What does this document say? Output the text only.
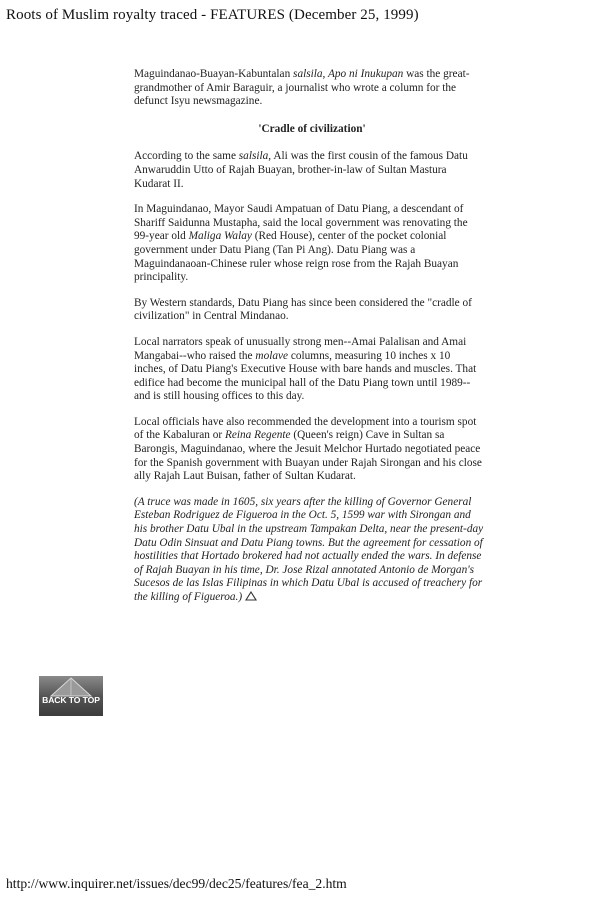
Roots of Muslim royalty traced - FEATURES (December 25, 1999)

Maguindanao-Buayan-Kabuntalan salsila, Apo ni Inukupan was the great-grandmother of Amir Baraguir, a journalist who wrote a column for the defunct Isyu newsmagazine.

'Cradle of civilization'

According to the same salsila, Ali was the first cousin of the famous Datu Anwaruddin Utto of Rajah Buayan, brother-in-law of Sultan Mastura Kudarat II.

In Maguindanao, Mayor Saudi Ampatuan of Datu Piang, a descendant of Shariff Saidunna Mustapha, said the local government was renovating the 99-year old Maliga Walay (Red House), center of the pocket colonial government under Datu Piang (Tan Pi Ang). Datu Piang was a Maguindanaoan-Chinese ruler whose reign rose from the Rajah Buayan principality.

By Western standards, Datu Piang has since been considered the "cradle of civilization" in Central Mindanao.

Local narrators speak of unusually strong men--Amai Palalisan and Amai Mangabai--who raised the molave columns, measuring 10 inches x 10 inches, of Datu Piang's Executive House with bare hands and muscles. That edifice had become the municipal hall of the Datu Piang town until 1989--and is still housing offices to this day.

Local officials have also recommended the development into a tourism spot of the Kabaluran or Reina Regente (Queen's reign) Cave in Sultan sa Barongis, Maguindanao, where the Jesuit Melchor Hurtado negotiated peace for the Spanish government with Buayan under Rajah Sirongan and his close ally Rajah Laut Buisan, father of Sultan Kudarat.

(A truce was made in 1605, six years after the killing of Governor General Esteban Rodriguez de Figueroa in the Oct. 5, 1599 war with Sirongan and his brother Datu Ubal in the upstream Tampakan Delta, near the present-day Datu Odin Sinsuat and Datu Piang towns. But the agreement for cessation of hostilities that Hortado brokered had not actually ended the wars. In defense of Rajah Buayan in his time, Dr. Jose Rizal annotated Antonio de Morgan's Sucesos de las Islas Filipinas in which Datu Ubal is accused of treachery for the killing of Figueroa.)

BACK TO TOP
http://www.inquirer.net/issues/dec99/dec25/features/fea_2.htm
